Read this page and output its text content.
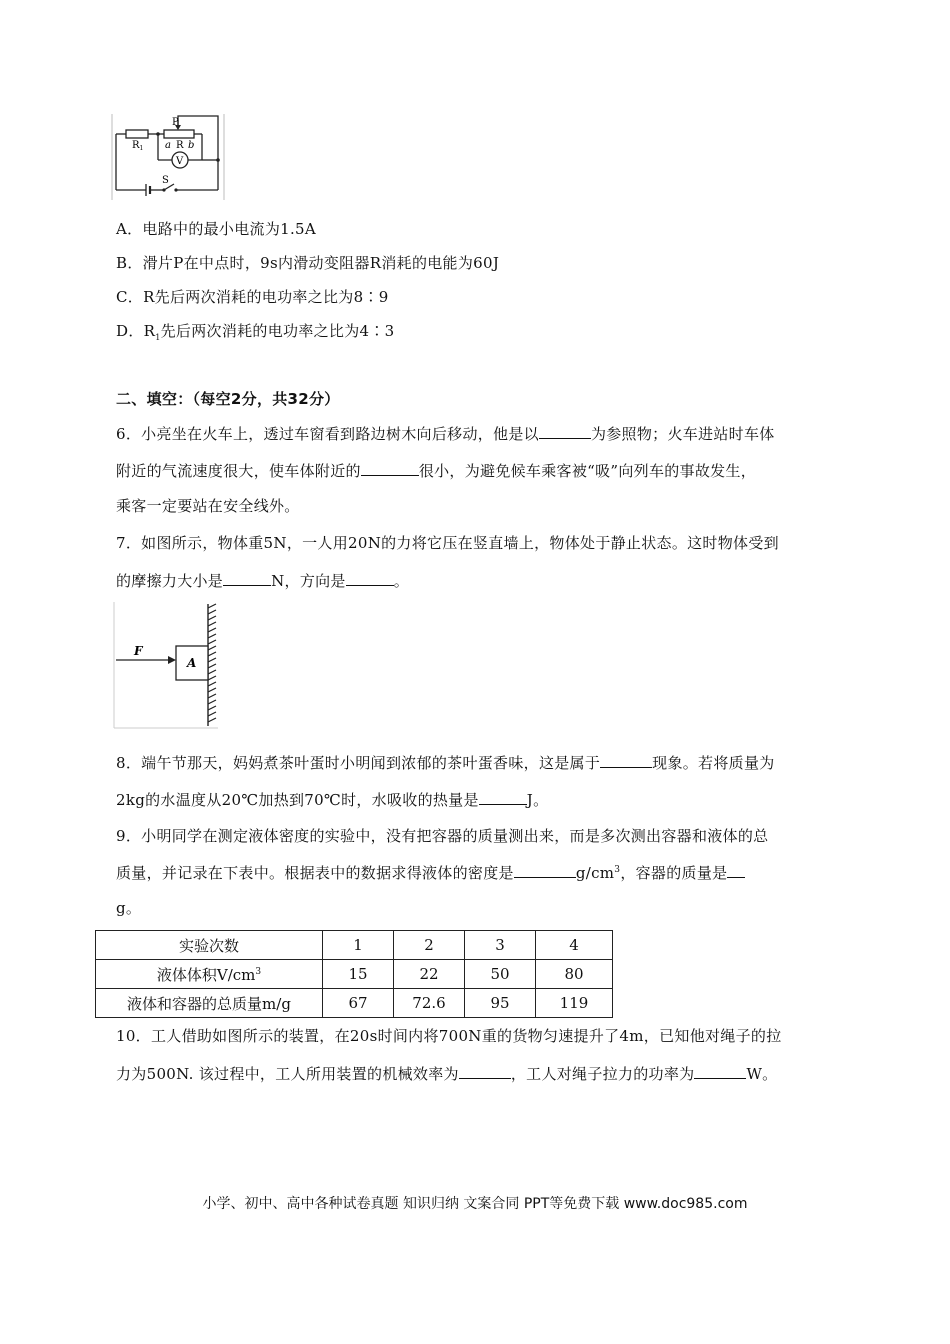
P
$R_1$ a R b
V
S
A．电路中的最小电流为1.5A
B．滑片P在中点时，9s内滑动变阻器R消耗的电能为60J
C．R先后两次消耗的电功率之比为8∶9
D．$R_1$先后两次消耗的电功率之比为4∶3
二、填空：（每空2分，共32分）
6．小亮坐在火车上，透过车窗看到路边树木向后移动，他是以	为参照物；火车进站时车体
附近的气流速度很大，使车体附近的	很小，为避免候车乘客被“吸”向列车的事故发生，
乘客一定要站在安全线外。
7．如图所示，物体重5N，一人用20N的力将它压在竖直墙上，物体处于静止状态。这时物体受到
的摩擦力大小是	N，方向是	。
F
A
8．端午节那天，妈妈煮茶叶蛋时小明闻到浓郁的茶叶蛋香味，这是属于	现象。若将质量为
2kg的水温度从20℃加热到70℃时，水吸收的热量是	J。
9．小明同学在测定液体密度的实验中，没有把容器的质量测出来，而是多次测出容器和液体的总
质量，并记录在下表中。根据表中的数据求得液体的密度是	$g/cm^3$，容器的质量是
g。
实验次数	1	2	3	4
液体体积$V/cm^3$	15	22	50	80
液体和容器的总质量m/g	67	72.6	95	119
10．工人借助如图所示的装置，在20s时间内将700N重的货物匀速提升了4m，已知他对绳子的拉
力为500N. 该过程中，工人所用装置的机械效率为	，工人对绳子拉力的功率为	W。
小学、初中、高中各种试卷真题 知识归纳 文案合同 PPT等免费下载 www.doc985.com
